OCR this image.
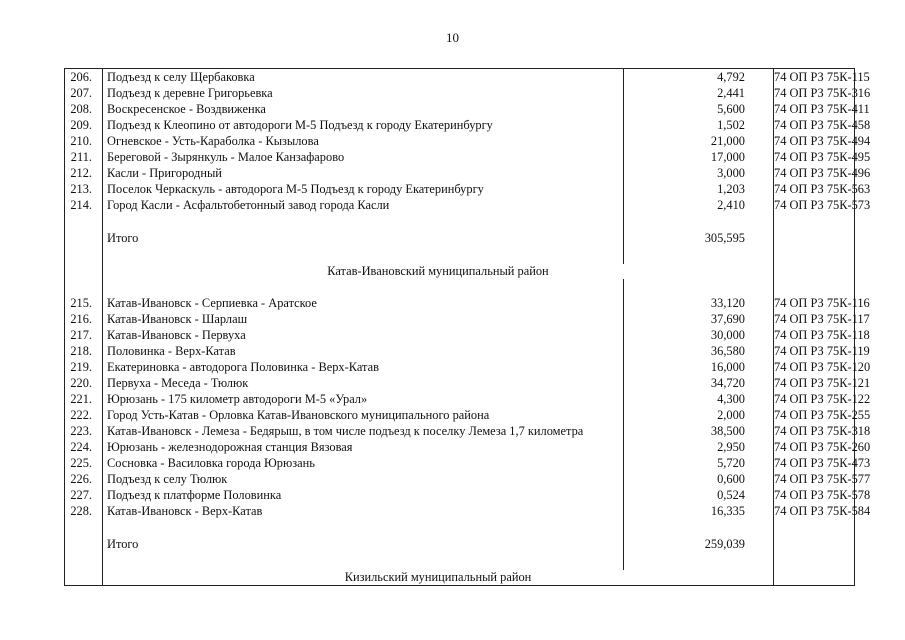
10
206.	Подъезд к селу Щербаковка	4,792	74 ОП РЗ 75К-115
207.	Подъезд к деревне Григорьевка	2,441	74 ОП РЗ 75К-316
208.	Воскресенское - Воздвиженка	5,600	74 ОП РЗ 75К-411
209.	Подъезд к Клеопино от автодороги М-5 Подъезд к городу Екатеринбургу	1,502	74 ОП РЗ 75К-458
210.	Огневское - Усть-Караболка - Кызылова	21,000	74 ОП РЗ 75К-494
211.	Береговой - Зырянкуль - Малое Канзафарово	17,000	74 ОП РЗ 75К-495
212.	Касли - Пригородный	3,000	74 ОП РЗ 75К-496
213.	Поселок Черкаскуль - автодорога М-5 Подъезд к городу Екатеринбургу	1,203	74 ОП РЗ 75К-563
214.	Город Касли - Асфальтобетонный завод города Касли	2,410	74 ОП РЗ 75К-573

	Итого	305,595	

	Катав-Ивановский муниципальный район		

215.	Катав-Ивановск - Серпиевка - Аратское	33,120	74 ОП РЗ 75К-116
216.	Катав-Ивановск - Шарлаш	37,690	74 ОП РЗ 75К-117
217.	Катав-Ивановск - Первуха	30,000	74 ОП РЗ 75К-118
218.	Половинка - Верх-Катав	36,580	74 ОП РЗ 75К-119
219.	Екатериновка - автодорога Половинка - Верх-Катав	16,000	74 ОП РЗ 75К-120
220.	Первуха - Меседа - Тюлюк	34,720	74 ОП РЗ 75К-121
221.	Юрюзань - 175 километр автодороги М-5 «Урал»	4,300	74 ОП РЗ 75К-122
222.	Город Усть-Катав - Орловка Катав-Ивановского муниципального района	2,000	74 ОП РЗ 75К-255
223.	Катав-Ивановск - Лемеза - Бедярыш, в том числе подъезд к поселку Лемеза 1,7 километра	38,500	74 ОП РЗ 75К-318
224.	Юрюзань - железнодорожная станция Вязовая	2,950	74 ОП РЗ 75К-260
225.	Сосновка - Василовка города Юрюзань	5,720	74 ОП РЗ 75К-473
226.	Подъезд к селу Тюлюк	0,600	74 ОП РЗ 75К-577
227.	Подъезд к платформе Половинка	0,524	74 ОП РЗ 75К-578
228.	Катав-Ивановск - Верх-Катав	16,335	74 ОП РЗ 75К-584

	Итого	259,039	

	Кизильский муниципальный район		
